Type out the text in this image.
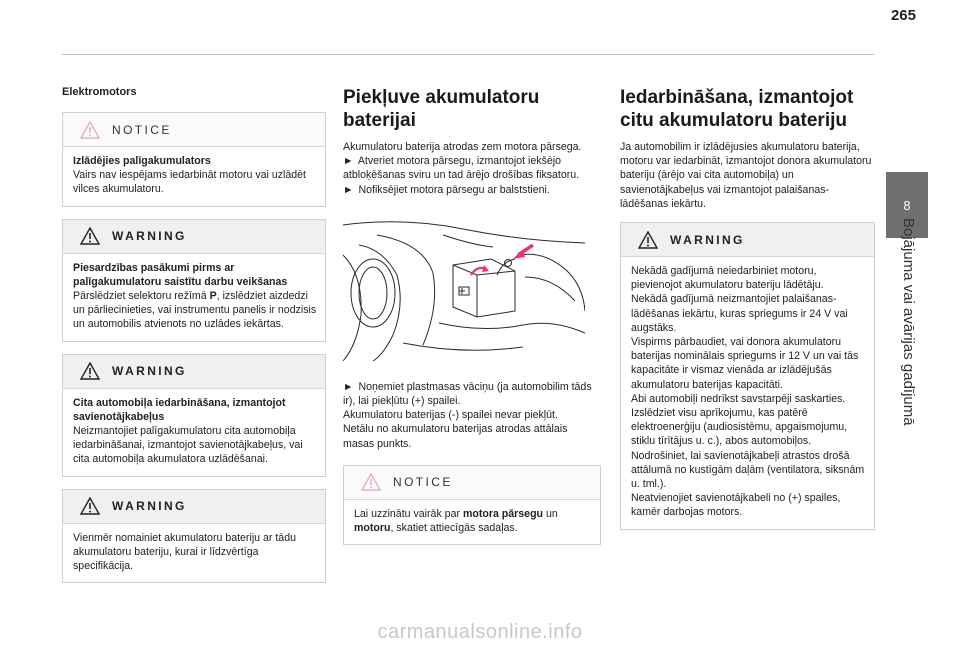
265
8
Bojājuma vai avārijas gadījumā
Elektromotors
NOTICE
Izlādējies palīgakumulators
Vairs nav iespējams iedarbināt motoru vai uzlādēt vilces akumulatoru.
WARNING
Piesardzības pasākumi pirms ar palīgakumulatoru saistītu darbu veikšanas
Pārslēdziet selektoru režīmā P, izslēdziet aizdedzi un pārliecinieties, vai instrumentu panelis ir nodzisis un automobilis atvienots no uzlādes iekārtas.
WARNING
Cita automobiļa iedarbināšana, izmantojot savienotājkabeļus
Neizmantojiet palīgakumulatoru cita automobiļa iedarbināšanai, izmantojot savienotājkabeļus, vai cita automobiļa akumulatora uzlādēšanai.
WARNING
Vienmēr nomainiet akumulatoru bateriju ar tādu akumulatoru bateriju, kurai ir līdzvērtīga specifikācija.
Piekļuve akumulatoru baterijai

Akumulatoru baterija atrodas zem motora pārsega.

► Atveriet motora pārsegu, izmantojot iekšējo atbloķēšanas sviru un tad ārējo drošības fiksatoru.

► Nofiksējiet motora pārsegu ar balststieni.

► Noņemiet plastmasas vāciņu (ja automobilim tāds ir), lai piekļūtu (+) spailei.

Akumulatoru baterijas (-) spailei nevar piekļūt.

Netālu no akumulatoru baterijas atrodas attālais masas punkts.

NOTICE
Lai uzzinātu vairāk par motora pārsegu un motoru, skatiet attiecīgās sadaļas.
Iedarbināšana, izmantojot citu akumulatoru bateriju
Ja automobilim ir izlādējusies akumulatoru baterija, motoru var iedarbināt, izmantojot donora akumulatoru bateriju (ārējo vai cita automobiļa) un savienotājkabeļus vai izmantojot palaišanas-lādēšanas iekārtu.
WARNING

Nekādā gadījumā neiedarbiniet motoru, pievienojot akumulatoru bateriju lādētāju.

Nekādā gadījumā neizmantojiet palaišanas-lādēšanas iekārtu, kuras spriegums ir 24 V vai augstāks.

Vispirms pārbaudiet, vai donora akumulatoru baterijas nominālais spriegums ir 12 V un vai tās kapacitāte ir vismaz vienāda ar izlādējušās akumulatoru baterijas kapacitāti.

Abi automobiļi nedrīkst savstarpēji saskarties.

Izslēdziet visu aprīkojumu, kas patērē elektroenerģiju (audiosistēmu, apgaismojumu, stiklu tīrītājus u. c.), abos automobiļos.

Nodrošiniet, lai savienotājkabeļi atrastos drošā attālumā no kustīgām daļām (ventilatora, siksnām u. tml.).

Neatvienojiet savienotājkabeli no (+) spailes, kamēr darbojas motors.

carmanualsonline.info
